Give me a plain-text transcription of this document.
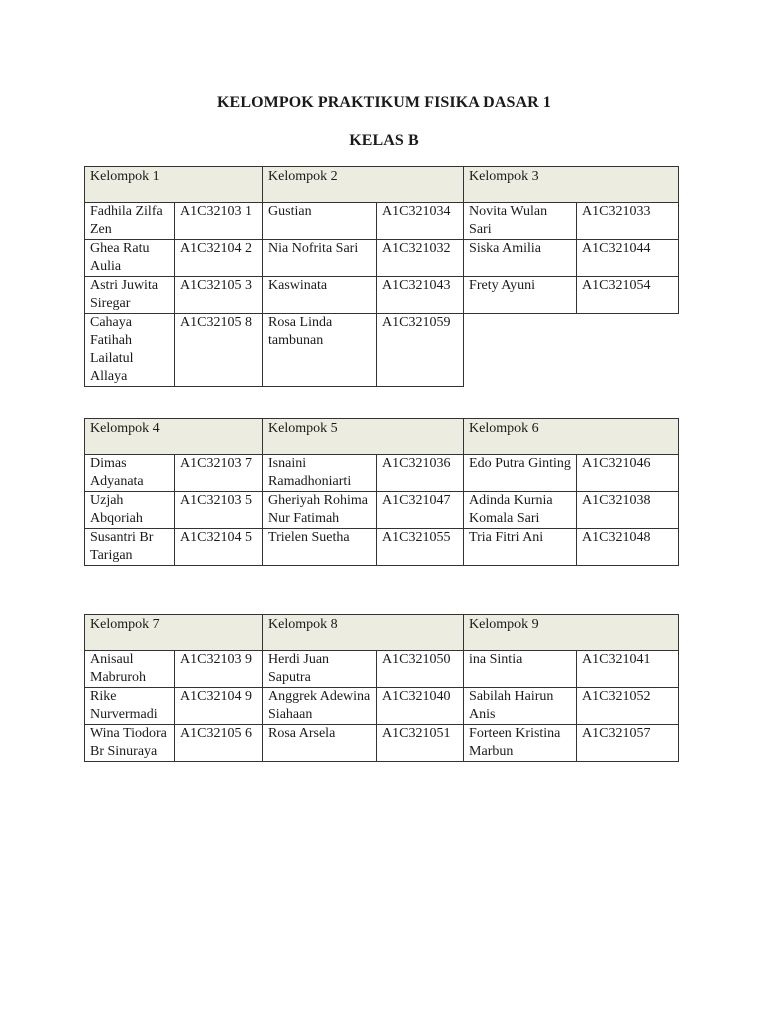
KELOMPOK PRAKTIKUM FISIKA DASAR 1
KELAS B
Kelompok 1		Kelompok 2		Kelompok 3	
Fadhila Zilfa Zen	A1C32103 1	Gustian	A1C321034	Novita Wulan Sari	A1C321033
Ghea Ratu Aulia	A1C32104 2	Nia Nofrita Sari	A1C321032	Siska Amilia	A1C321044
Astri Juwita Siregar	A1C32105 3	Kaswinata	A1C321043	Frety Ayuni	A1C321054
Cahaya Fatihah Lailatul Allaya	A1C32105 8	Rosa Linda tambunan	A1C321059		
Kelompok 4		Kelompok 5		Kelompok 6	
Dimas Adyanata	A1C32103 7	Isnaini Ramadhoniarti	A1C321036	Edo Putra Ginting	A1C321046
Uzjah Abqoriah	A1C32103 5	Gheriyah Rohima Nur Fatimah	A1C321047	Adinda Kurnia Komala Sari	A1C321038
Susantri Br Tarigan	A1C32104 5	Trielen Suetha	A1C321055	Tria Fitri Ani	A1C321048
Kelompok 7		Kelompok 8		Kelompok 9	
Anisaul Mabruroh	A1C32103 9	Herdi Juan Saputra	A1C321050	ina Sintia	A1C321041
Rike Nurvermadi	A1C32104 9	Anggrek Adewina Siahaan	A1C321040	Sabilah Hairun Anis	A1C321052
Wina Tiodora Br Sinuraya	A1C32105 6	Rosa Arsela	A1C321051	Forteen Kristina Marbun	A1C321057
